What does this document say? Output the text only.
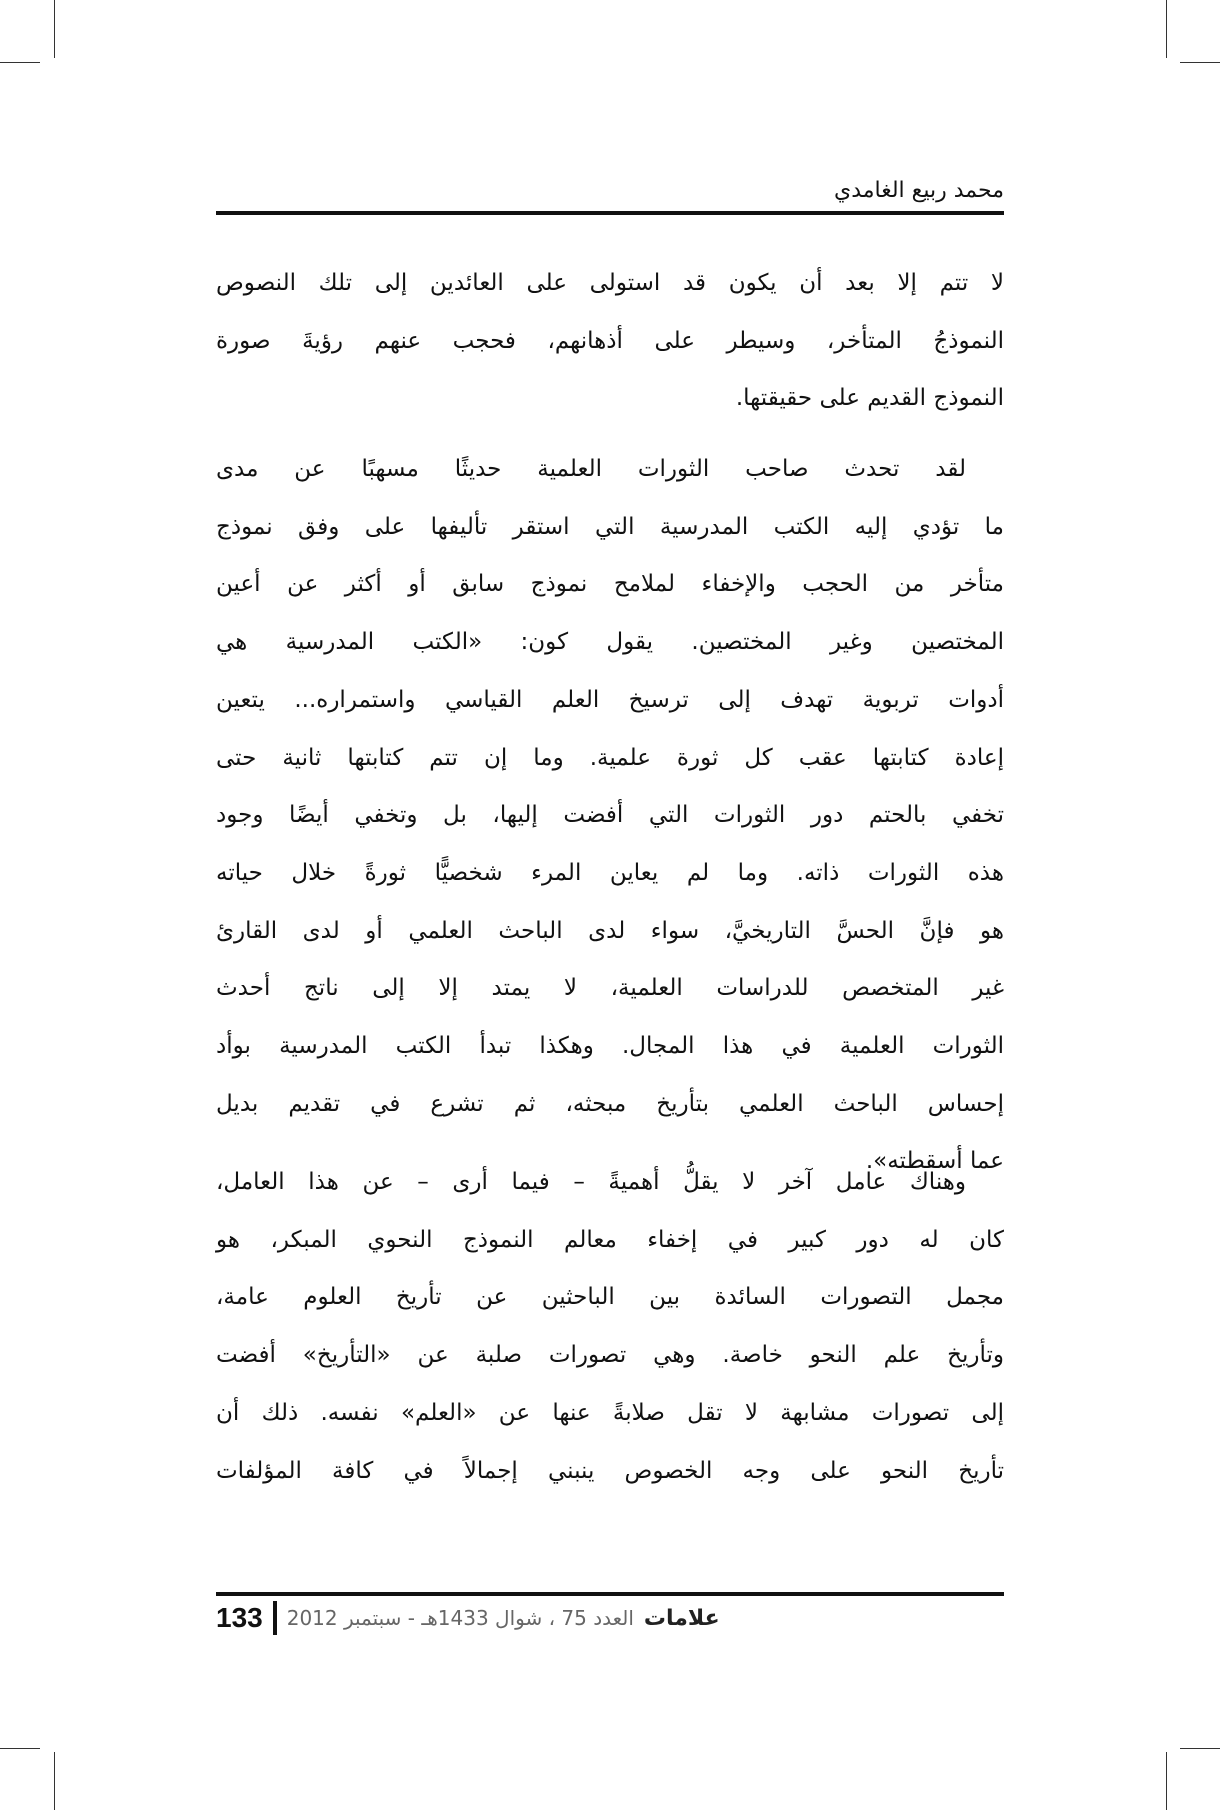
محمد ربيع الغامدي
لا تتم إلا بعد أن يكون قد استولى على العائدين إلى تلك النصوص
النموذجُ المتأخر، وسيطر على أذهانهم، فحجب عنهم رؤيةَ صورة
النموذج القديم على حقيقتها.
لقد تحدث صاحب الثورات العلمية حديثًا مسهبًا عن مدى
ما تؤدي إليه الكتب المدرسية التي استقر تأليفها على وفق نموذج
متأخر من الحجب والإخفاء لملامح نموذج سابق أو أكثر عن أعين
المختصين وغير المختصين. يقول كون: «الكتب المدرسية هي
أدوات تربوية تهدف إلى ترسيخ العلم القياسي واستمراره... يتعين
إعادة كتابتها عقب كل ثورة علمية. وما إن تتم كتابتها ثانية حتى
تخفي بالحتم دور الثورات التي أفضت إليها، بل وتخفي أيضًا وجود
هذه الثورات ذاته. وما لم يعاين المرء شخصيًّا ثورةً خلال حياته
هو فإنَّ الحسَّ التاريخيَّ، سواء لدى الباحث العلمي أو لدى القارئ
غير المتخصص للدراسات العلمية، لا يمتد إلا إلى ناتج أحدث
الثورات العلمية في هذا المجال. وهكذا تبدأ الكتب المدرسية بوأد
إحساس الباحث العلمي بتأريخ مبحثه، ثم تشرع في تقديم بديل
عما أسقطته».
وهناك عامل آخر لا يقلُّ أهميةً – فيما أرى – عن هذا العامل،
كان له دور كبير في إخفاء معالم النموذج النحوي المبكر، هو
مجمل التصورات السائدة بين الباحثين عن تأريخ العلوم عامة،
وتأريخ علم النحو خاصة. وهي تصورات صلبة عن «التأريخ» أفضت
إلى تصورات مشابهة لا تقل صلابةً عنها عن «العلم» نفسه. ذلك أن
تأريخ النحو على وجه الخصوص ينبني إجمالاً في كافة المؤلفات
133 العدد 75 ، شوال 1433هـ - سبتمبر 2012 علامات
